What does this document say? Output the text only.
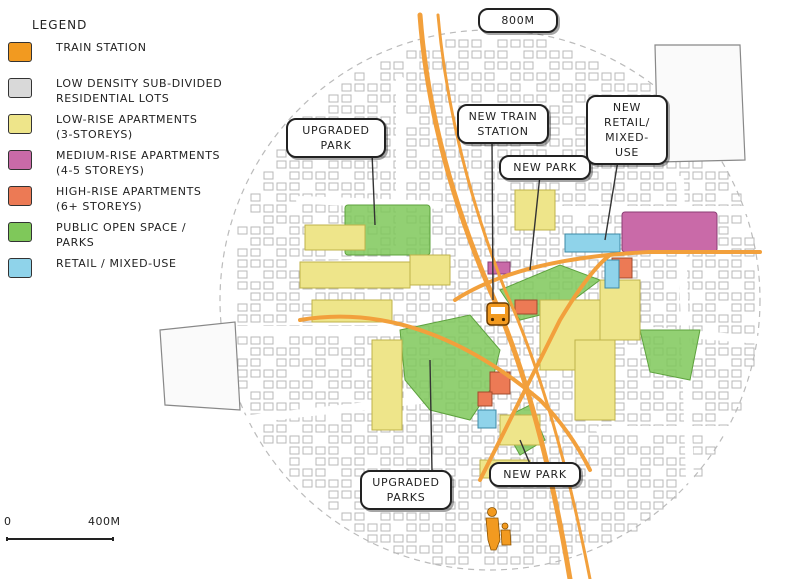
800M
LEGEND
TRAIN STATION
LOW DENSITY SUB-DIVIDED
RESIDENTIAL LOTS
LOW-RISE APARTMENTS
(3-STOREYS)
MEDIUM-RISE APARTMENTS
(4-5 STOREYS)
HIGH-RISE APARTMENTS
(6+ STOREYS)
PUBLIC OPEN SPACE /
PARKS
RETAIL / MIXED-USE
UPGRADED
PARK
NEW TRAIN
STATION
NEW PARK
NEW
RETAIL/
MIXED-USE
UPGRADED
PARKS
NEW PARK
0	400M
